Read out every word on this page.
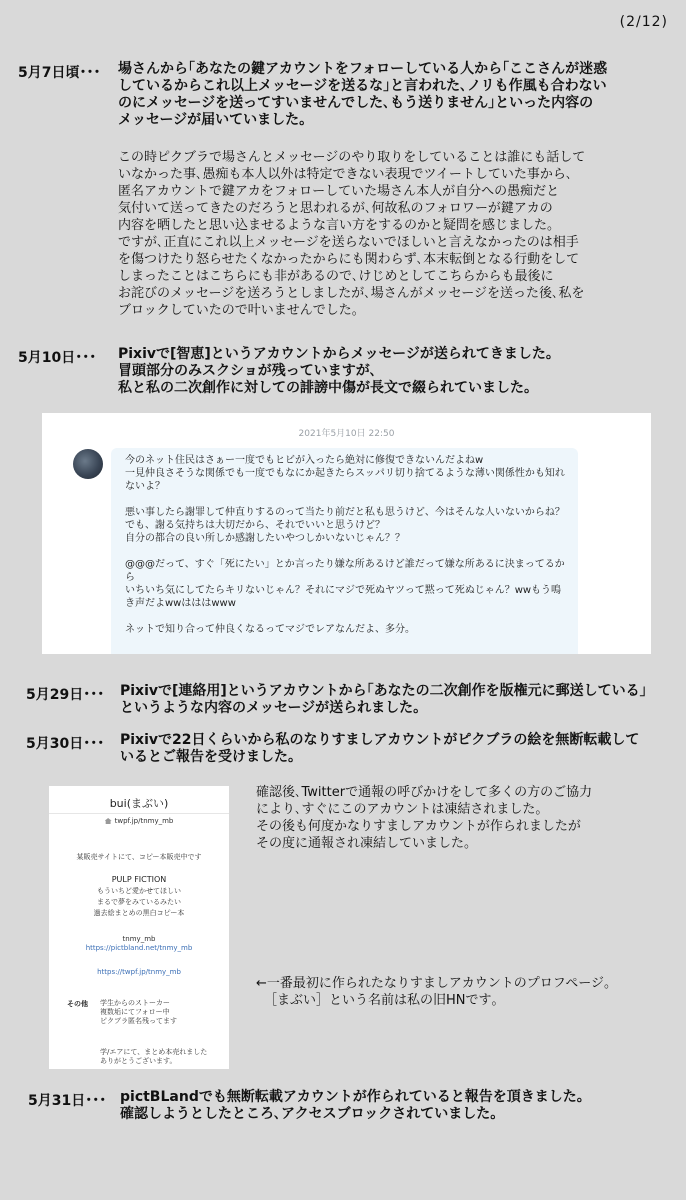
(2/12)
5月7日頃･･･ 場さんから｢あなたの鍵アカウントをフォローしている人から｢ここさんが迷惑
しているからこれ以上メッセージを送るな｣と言われた､ノリも作風も合わない
のにメッセージを送ってすいませんでした､もう送りません｣といった内容の
メッセージが届いていました｡
この時ピクブラで場さんとメッセージのやり取りをしていることは誰にも話して
いなかった事､愚痴も本人以外は特定できない表現でツイートしていた事から､
匿名アカウントで鍵アカをフォローしていた場さん本人が自分への愚痴だと
気付いて送ってきたのだろうと思われるが､何故私のフォロワーが鍵アカの
内容を晒したと思い込ませるような言い方をするのかと疑問を感じました｡
ですが､正直にこれ以上メッセージを送らないでほしいと言えなかったのは相手
を傷つけたり怒らせたくなかったからにも関わらず､本末転倒となる行動をして
しまったことはこちらにも非があるので､けじめとしてこちらからも最後に
お詫びのメッセージを送ろうとしましたが､場さんがメッセージを送った後､私を
ブロックしていたので叶いませんでした｡
5月10日･･･ Pixivで[智恵]というアカウントからメッセージが送られてきました｡
冒頭部分のみスクショが残っていますが､
私と私の二次創作に対しての誹謗中傷が長文で綴られていました｡
2021年5月10日 22:50
今のネット住民はさぁー一度でもヒビが入ったら絶対に修復できないんだよねw
一見仲良さそうな関係でも一度でもなにか起きたらスッパリ切り捨てるような薄い関係性かも知れ
ないよ？
悪い事したら謝罪して仲直りするのって当たり前だと私も思うけど、今はそんな人いないからね？
でも、謝る気持ちは大切だから、それでいいと思うけど？
自分の都合の良い所しか感謝したいやつしかいないじゃん？？
@@@だって、すぐ「死にたい」とか言ったり嫌な所あるけど誰だって嫌な所あるに決まってるか
ら
いちいち気にしてたらキリないじゃん？それにマジで死ぬヤツって黙って死ぬじゃん？wwもう鳴
き声だよwwはははwww
ネットで知り合って仲良くなるってマジでレアなんだよ、多分。
5月29日･･･ Pixivで[連絡用]というアカウントから｢あなたの二次創作を版権元に郵送している｣
というような内容のメッセージが送られました｡
5月30日･･･ Pixivで22日くらいから私のなりすましアカウントがピクブラの絵を無断転載して
いるとご報告を受けました｡
bui(まぶい)
twpf.jp/tnmy_mb
某販売サイトにて、コピー本販売中です
PULP FICTION
もういちど愛かせてほしい
まるで夢をみているみたい
過去絵まとめの黒白コピー本
tnmy_mb
https://pictbland.net/tnmy_mb
https://twpf.jp/tnmy_mb
その他 学生からのストーカー
複数垢にてフォロー中
ピクブラ匿名残ってます
学/エアにて、まとめ本売れました
ありがとうございます。
確認後､Twitterで通報の呼びかけをして多くの方のご協力
により､すぐにこのアカウントは凍結されました｡
その後も何度かなりすましアカウントが作られましたが
その度に通報され凍結していました｡
←一番最初に作られたなりすましアカウントのプロフページ｡
［まぶい］という名前は私の旧HNです｡
5月31日･･･ pictBLandでも無断転載アカウントが作られていると報告を頂きました｡
確認しようとしたところ､アクセスブロックされていました｡
